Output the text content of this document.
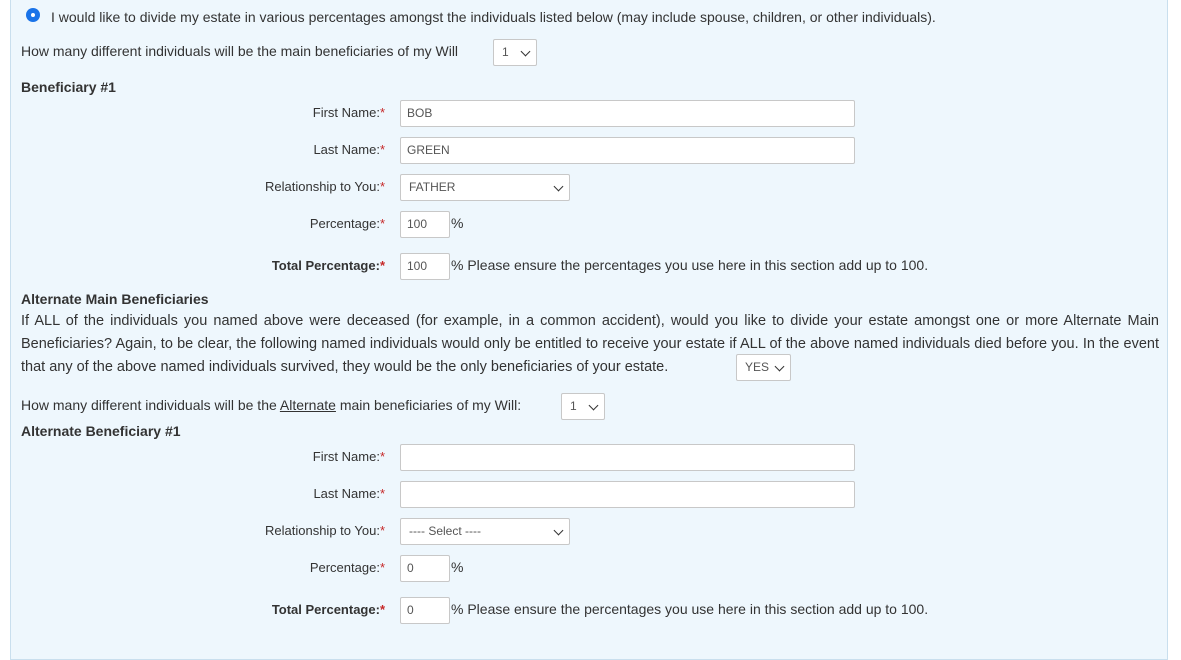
I would like to divide my estate in various percentages amongst the individuals listed below (may include spouse, children, or other individuals).
How many different individuals will be the main beneficiaries of my Will	1
Beneficiary #1
First Name:*	BOB
Last Name:*	GREEN
Relationship to You:*	FATHER
Percentage:*	100	%
Total Percentage:*	100	% Please ensure the percentages you use here in this section add up to 100.
Alternate Main Beneficiaries
If ALL of the individuals you named above were deceased (for example, in a common accident), would you like to divide your estate amongst one or more Alternate Main Beneficiaries? Again, to be clear, the following named individuals would only be entitled to receive your estate if ALL of the above named individuals died before you. In the event that any of the above named individuals survived, they would be the only beneficiaries of your estate.	YES
How many different individuals will be the Alternate main beneficiaries of my Will:	1
Alternate Beneficiary #1
First Name:*
Last Name:*
Relationship to You:*	---- Select ----
Percentage:*	0	%
Total Percentage:*	0	% Please ensure the percentages you use here in this section add up to 100.
